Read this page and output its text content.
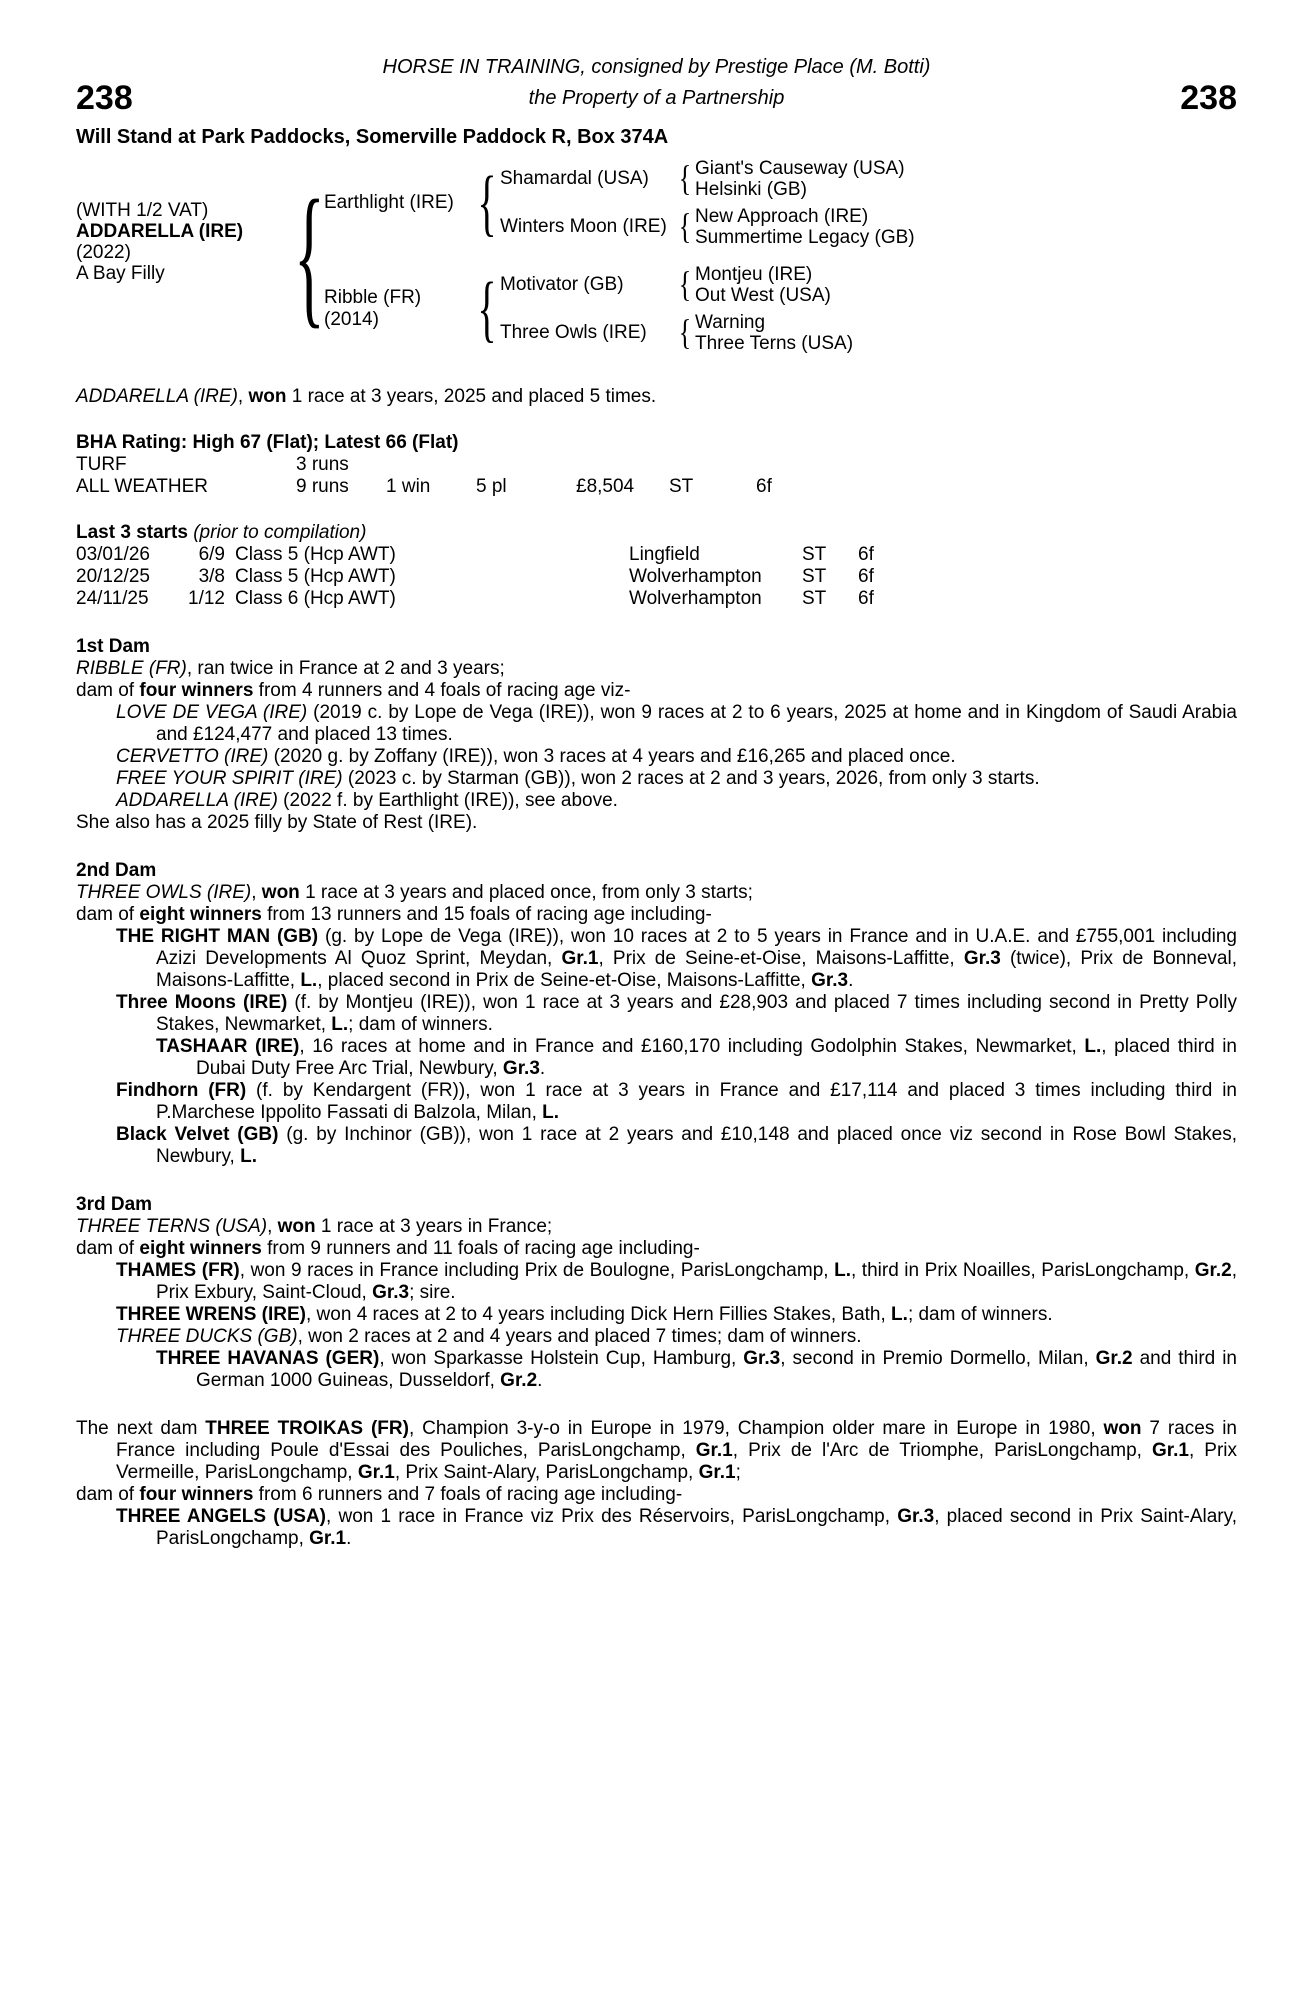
HORSE IN TRAINING, consigned by Prestige Place (M. Botti)
238	the Property of a Partnership	238
Will Stand at Park Paddocks, Somerville Paddock R, Box 374A
(WITH 1/2 VAT)
ADDARELLA (IRE)
(2022)
A Bay Filly	{ Earthlight (IRE) { Shamardal (USA)	{ Giant's Causeway (USA)
Helsinki (GB)
Winters Moon (IRE) { New Approach (IRE)
Summertime Legacy (GB)
Ribble (FR)
(2014)	{ Motivator (GB)	{ Montjeu (IRE)
Out West (USA)
Three Owls (IRE)	{ Warning
Three Terns (USA)
ADDARELLA (IRE), won 1 race at 3 years, 2025 and placed 5 times.
BHA Rating: High 67 (Flat); Latest 66 (Flat)
TURF	3 runs
ALL WEATHER	9 runs	1 win	5 pl	£8,504	ST	6f
Last 3 starts (prior to compilation)
03/01/26	6/9 Class 5 (Hcp AWT)	Lingfield	ST	6f
20/12/25	3/8 Class 5 (Hcp AWT)	Wolverhampton	ST	6f
24/11/25	1/12 Class 6 (Hcp AWT)	Wolverhampton	ST	6f
1st Dam
RIBBLE (FR), ran twice in France at 2 and 3 years;
dam of four winners from 4 runners and 4 foals of racing age viz-
LOVE DE VEGA (IRE) (2019 c. by Lope de Vega (IRE)), won 9 races at 2 to 6 years, 2025 at home and in Kingdom of Saudi Arabia and £124,477 and placed 13 times.
CERVETTO (IRE) (2020 g. by Zoffany (IRE)), won 3 races at 4 years and £16,265 and placed once.
FREE YOUR SPIRIT (IRE) (2023 c. by Starman (GB)), won 2 races at 2 and 3 years, 2026, from only 3 starts.
ADDARELLA (IRE) (2022 f. by Earthlight (IRE)), see above.
She also has a 2025 filly by State of Rest (IRE).
2nd Dam
THREE OWLS (IRE), won 1 race at 3 years and placed once, from only 3 starts;
dam of eight winners from 13 runners and 15 foals of racing age including-
THE RIGHT MAN (GB) (g. by Lope de Vega (IRE)), won 10 races at 2 to 5 years in France and in U.A.E. and £755,001 including Azizi Developments Al Quoz Sprint, Meydan, Gr.1, Prix de Seine-et-Oise, Maisons-Laffitte, Gr.3 (twice), Prix de Bonneval, Maisons-Laffitte, L., placed second in Prix de Seine-et-Oise, Maisons-Laffitte, Gr.3.
Three Moons (IRE) (f. by Montjeu (IRE)), won 1 race at 3 years and £28,903 and placed 7 times including second in Pretty Polly Stakes, Newmarket, L.; dam of winners.
TASHAAR (IRE), 16 races at home and in France and £160,170 including Godolphin Stakes, Newmarket, L., placed third in Dubai Duty Free Arc Trial, Newbury, Gr.3.
Findhorn (FR) (f. by Kendargent (FR)), won 1 race at 3 years in France and £17,114 and placed 3 times including third in P.Marchese Ippolito Fassati di Balzola, Milan, L.
Black Velvet (GB) (g. by Inchinor (GB)), won 1 race at 2 years and £10,148 and placed once viz second in Rose Bowl Stakes, Newbury, L.
3rd Dam
THREE TERNS (USA), won 1 race at 3 years in France;
dam of eight winners from 9 runners and 11 foals of racing age including-
THAMES (FR), won 9 races in France including Prix de Boulogne, ParisLongchamp, L., third in Prix Noailles, ParisLongchamp, Gr.2, Prix Exbury, Saint-Cloud, Gr.3; sire.
THREE WRENS (IRE), won 4 races at 2 to 4 years including Dick Hern Fillies Stakes, Bath, L.; dam of winners.
THREE DUCKS (GB), won 2 races at 2 and 4 years and placed 7 times; dam of winners.
THREE HAVANAS (GER), won Sparkasse Holstein Cup, Hamburg, Gr.3, second in Premio Dormello, Milan, Gr.2 and third in German 1000 Guineas, Dusseldorf, Gr.2.
The next dam THREE TROIKAS (FR), Champion 3-y-o in Europe in 1979, Champion older mare in Europe in 1980, won 7 races in France including Poule d'Essai des Pouliches, ParisLongchamp, Gr.1, Prix de l'Arc de Triomphe, ParisLongchamp, Gr.1, Prix Vermeille, ParisLongchamp, Gr.1, Prix Saint-Alary, ParisLongchamp, Gr.1;
dam of four winners from 6 runners and 7 foals of racing age including-
THREE ANGELS (USA), won 1 race in France viz Prix des Réservoirs, ParisLongchamp, Gr.3, placed second in Prix Saint-Alary, ParisLongchamp, Gr.1.
